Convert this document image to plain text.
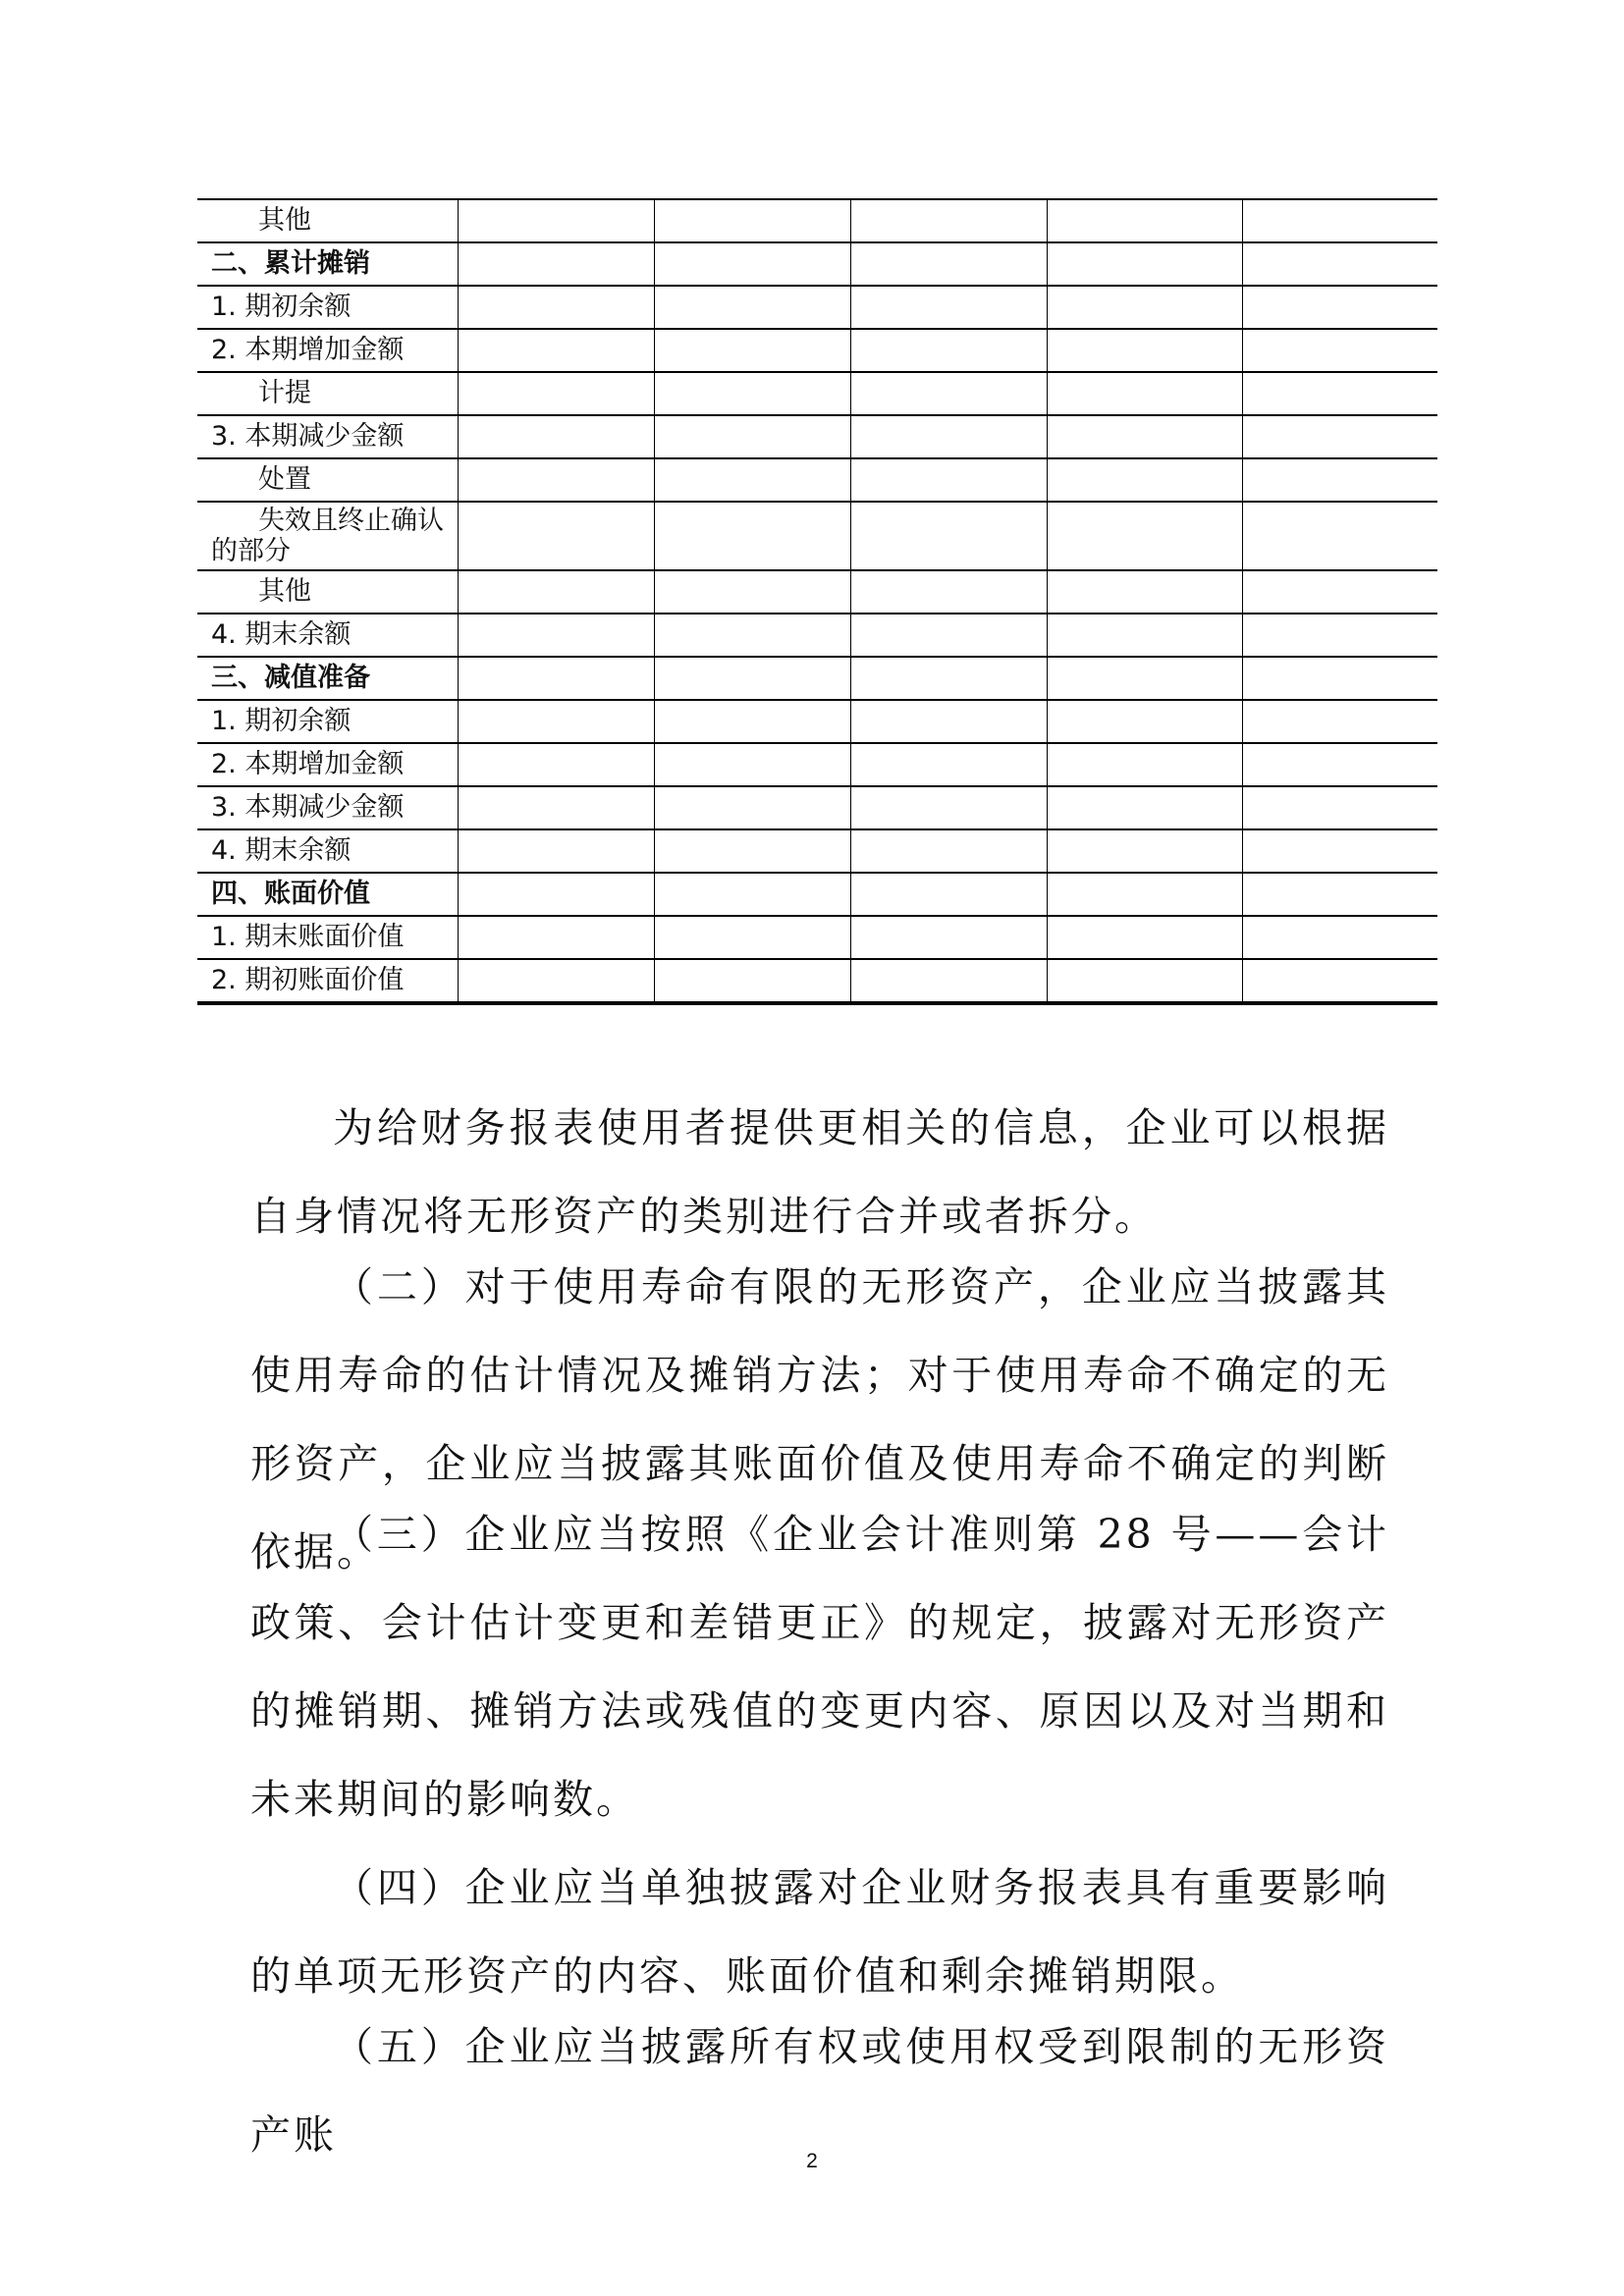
其他					
二、累计摊销					
1. 期初余额					
2. 本期增加金额					
计提					
3. 本期减少金额					
处置					
失效且终止确认的部分					
其他					
4. 期末余额					
三、减值准备					
1. 期初余额					
2. 本期增加金额					
3. 本期减少金额					
4. 期末余额					
四、账面价值					
1. 期末账面价值					
2. 期初账面价值					

为给财务报表使用者提供更相关的信息，企业可以根据自身情况将无形资产的类别进行合并或者拆分。

（二）对于使用寿命有限的无形资产，企业应当披露其使用寿命的估计情况及摊销方法；对于使用寿命不确定的无形资产，企业应当披露其账面价值及使用寿命不确定的判断依据。

（三）企业应当按照《企业会计准则第 28 号——会计政策、会计估计变更和差错更正》的规定，披露对无形资产的摊销期、摊销方法或残值的变更内容、原因以及对当期和未来期间的影响数。

（四）企业应当单独披露对企业财务报表具有重要影响的单项无形资产的内容、账面价值和剩余摊销期限。

（五）企业应当披露所有权或使用权受到限制的无形资产账

2
